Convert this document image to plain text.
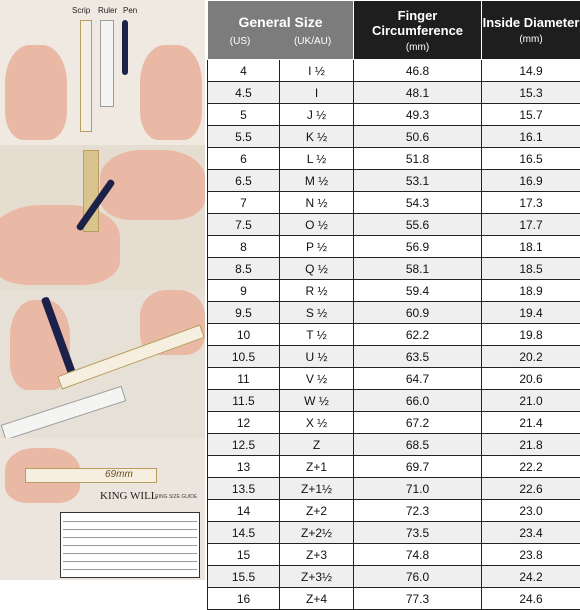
Scrip Ruler Pen
69mm
KING WILL
RING SIZE GUIDE
General Size
(US) (UK/AU)		Finger Circumference
(mm)	Inside Diameter
(mm)

4	I ½	46.8	14.9
4.5	I	48.1	15.3
5	J ½	49.3	15.7
5.5	K ½	50.6	16.1
6	L ½	51.8	16.5
6.5	M ½	53.1	16.9
7	N ½	54.3	17.3
7.5	O ½	55.6	17.7
8	P ½	56.9	18.1
8.5	Q ½	58.1	18.5
9	R ½	59.4	18.9
9.5	S ½	60.9	19.4
10	T ½	62.2	19.8
10.5	U ½	63.5	20.2
11	V ½	64.7	20.6
11.5	W ½	66.0	21.0
12	X ½	67.2	21.4
12.5	Z	68.5	21.8
13	Z+1	69.7	22.2
13.5	Z+1½	71.0	22.6
14	Z+2	72.3	23.0
14.5	Z+2½	73.5	23.4
15	Z+3	74.8	23.8
15.5	Z+3½	76.0	24.2
16	Z+4	77.3	24.6
